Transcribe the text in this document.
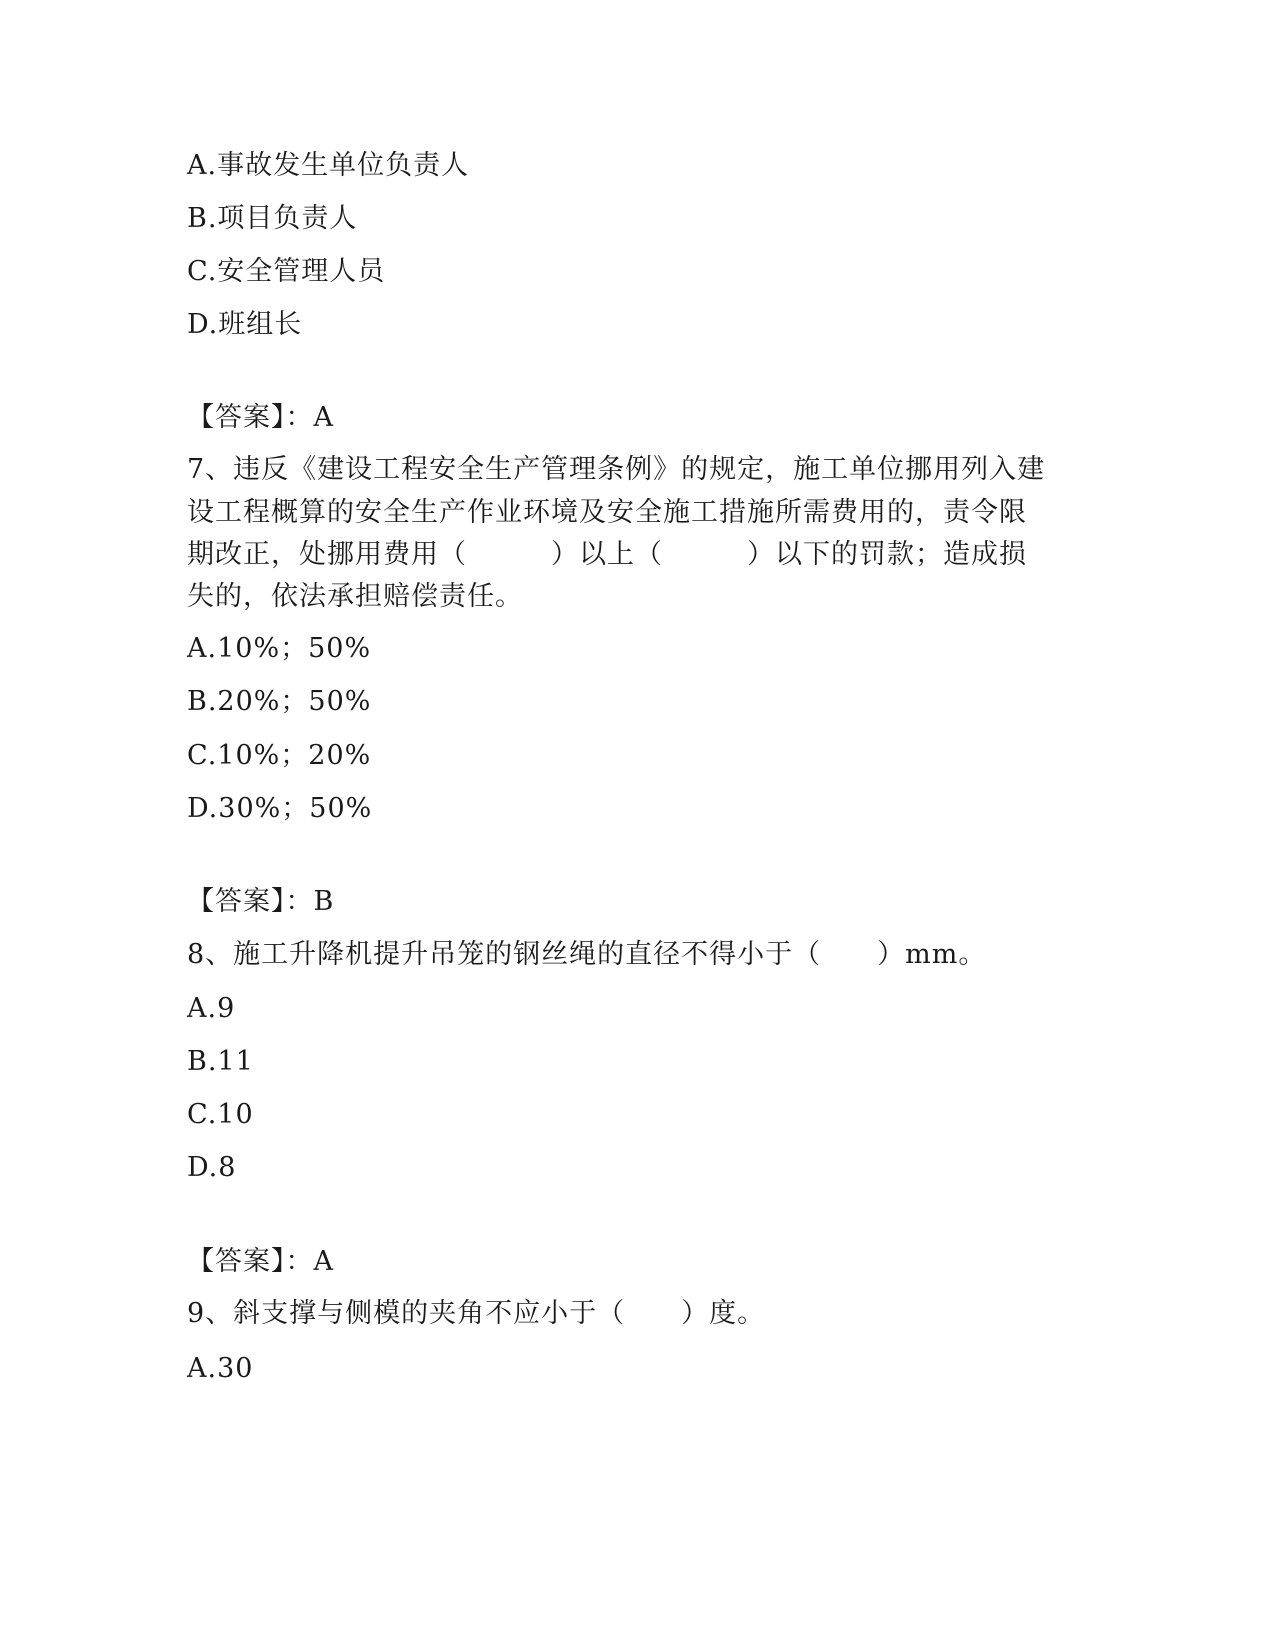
A.事故发生单位负责人
B.项目负责人
C.安全管理人员
D.班组长
【答案】：A
7、违反《建设工程安全生产管理条例》的规定，施工单位挪用列入建
设工程概算的安全生产作业环境及安全施工措施所需费用的，责令限
期改正，处挪用费用（　　　）以上（　　　）以下的罚款；造成损
失的，依法承担赔偿责任。
A.10%；50%
B.20%；50%
C.10%；20%
D.30%；50%
【答案】：B
8、施工升降机提升吊笼的钢丝绳的直径不得小于（　　）mm。
A.9
B.11
C.10
D.8
【答案】：A
9、斜支撑与侧模的夹角不应小于（　　）度。
A.30
